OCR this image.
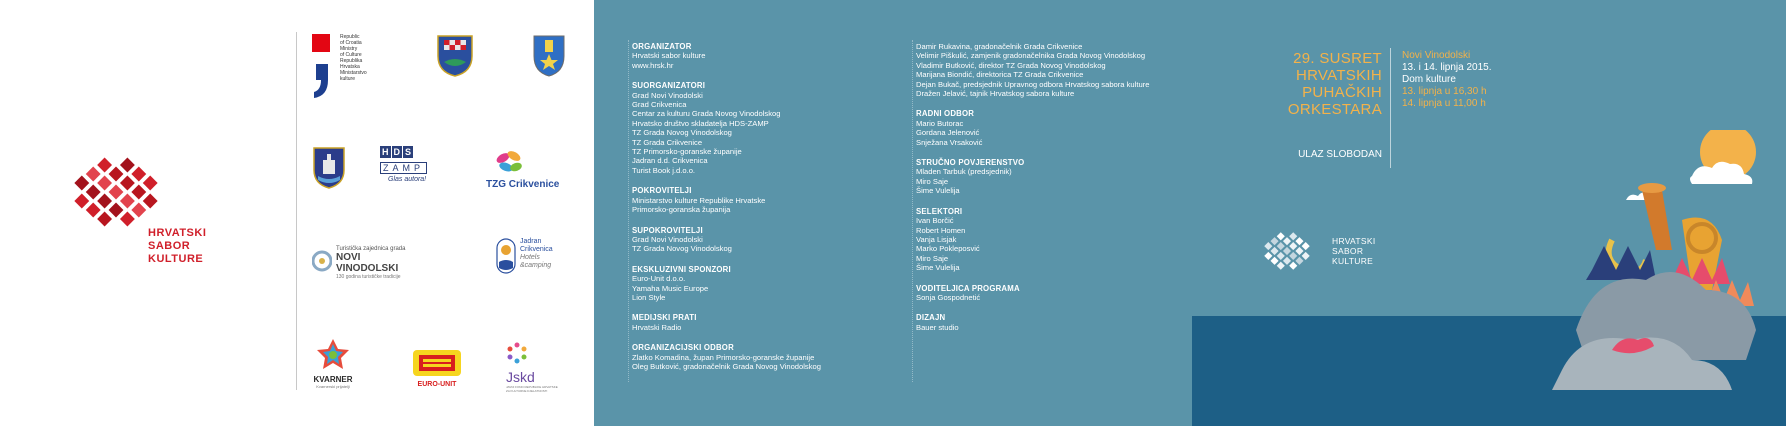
HRVATSKI
SABOR
KULTURE
Republic
of Croatia
Ministry
of Culture
Republika
Hrvatska
Ministarstvo
kulture
H D S
ZAMP
Glas autora!	TZG Crikvenice
Turistička zajednica grada
NOVI VINODOLSKI
130 godina turističke tradicije
Jadran
Crikvenica
Hotels
&camping
KVARNER
Kvarnerski prijatelji	EURO-UNIT	Jskd
JAVNI FOND REPUBLIKE HRVATSKE ZA KULTURNE DJELATNOSTI
ORGANIZATOR
Hrvatski sabor kulture
www.hrsk.hr
SUORGANIZATORI
Grad Novi Vinodolski
Grad Crikvenica
Centar za kulturu Grada Novog Vinodolskog
Hrvatsko društvo skladatelja HDS-ZAMP
TZ Grada Novog Vinodolskog
TZ Grada Crikvenice
TZ Primorsko-goranske županije
Jadran d.d. Crikvenica
Turist Book j.d.o.o.
POKROVITELJI
Ministarstvo kulture Republike Hrvatske
Primorsko-goranska županija
SUPOKROVITELJI
Grad Novi Vinodolski
TZ Grada Novog Vinodolskog
EKSKLUZIVNI SPONZORI
Euro-Unit d.o.o.
Yamaha Music Europe
Lion Style
MEDIJSKI PRATI
Hrvatski Radio
ORGANIZACIJSKI ODBOR
Zlatko Komadina, župan Primorsko-goranske županije
Oleg Butković, gradonačelnik Grada Novog Vinodolskog
Damir Rukavina, gradonačelnik Grada Crikvenice
Velimir Piškulić, zamjenik gradonačelnika Grada Novog Vinodolskog
Vladimir Butković, direktor TZ Grada Novog Vinodolskog
Marijana Biondić, direktorica TZ Grada Crikvenice
Dejan Bukač, predsjednik Upravnog odbora Hrvatskog sabora kulture
Dražen Jelavić, tajnik Hrvatskog sabora kulture
RADNI ODBOR
Mario Butorac
Gordana Jelenović
Snježana Vrsaković
STRUČNO POVJERENSTVO
Mladen Tarbuk (predsjednik)
Miro Saje
Šime Vulelija
SELEKTORI
Ivan Borčić
Robert Homen
Vanja Lisjak
Marko Pokleposvić
Miro Saje
Šime Vulelija
VODITELJICA PROGRAMA
Sonja Gospodnetić
DIZAJN
Bauer studio
29. SUSRET
HRVATSKIH
PUHAČKIH
ORKESTARA
ULAZ SLOBODAN
Novi Vinodolski
13. i 14. lipnja 2015.
Dom kulture
13. lipnja u 16,30 h
14. lipnja u 11,00 h
HRVATSKI
SABOR
KULTURE
